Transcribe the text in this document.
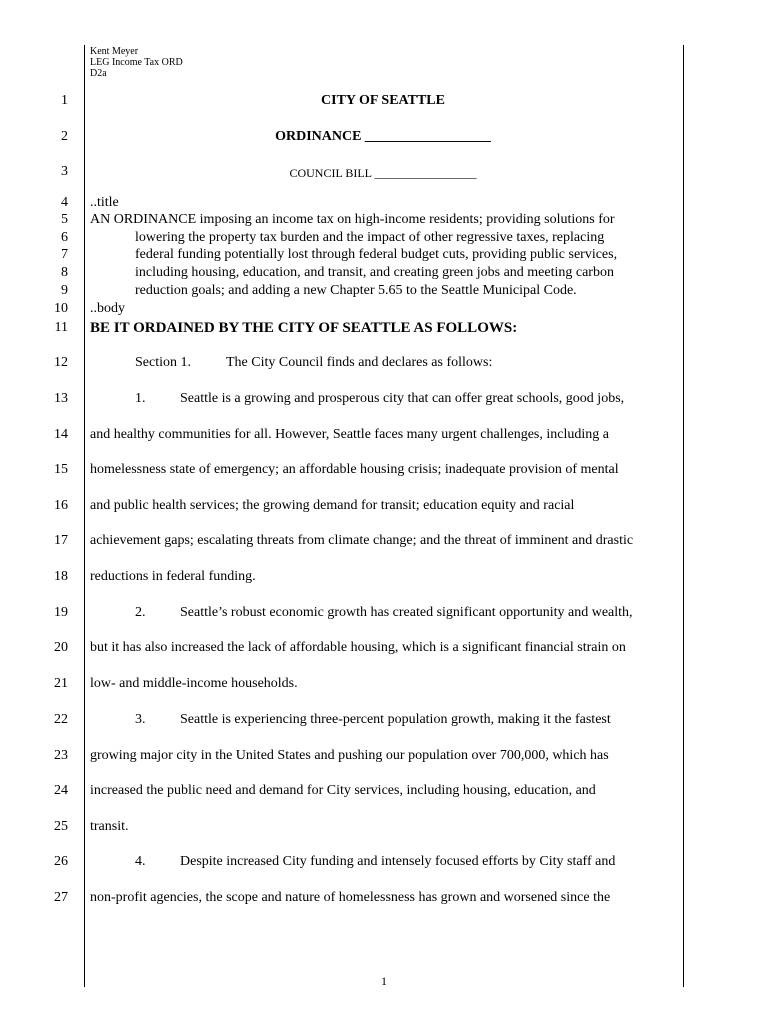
Kent Meyer
LEG Income Tax ORD
D2a
1
2
3
4
5
6
7
8
9
10
11
12
13
14
15
16
17
18
19
20
21
22
23
24
25
26
27
CITY OF SEATTLE
ORDINANCE __________________
COUNCIL BILL _________________
..title
AN ORDINANCE imposing an income tax on high-income residents; providing solutions for
lowering the property tax burden and the impact of other regressive taxes, replacing
federal funding potentially lost through federal budget cuts, providing public services,
including housing, education, and transit, and creating green jobs and meeting carbon
reduction goals; and adding a new Chapter 5.65 to the Seattle Municipal Code.
..body
BE IT ORDAINED BY THE CITY OF SEATTLE AS FOLLOWS:
Section 1.	The City Council finds and declares as follows:
1. Seattle is a growing and prosperous city that can offer great schools, good jobs,
and healthy communities for all. However, Seattle faces many urgent challenges, including a
homelessness state of emergency; an affordable housing crisis; inadequate provision of mental
and public health services; the growing demand for transit; education equity and racial
achievement gaps; escalating threats from climate change; and the threat of imminent and drastic
reductions in federal funding.
2. Seattle’s robust economic growth has created significant opportunity and wealth,
but it has also increased the lack of affordable housing, which is a significant financial strain on
low- and middle-income households.
3. Seattle is experiencing three-percent population growth, making it the fastest
growing major city in the United States and pushing our population over 700,000, which has
increased the public need and demand for City services, including housing, education, and
transit.
4. Despite increased City funding and intensely focused efforts by City staff and
non-profit agencies, the scope and nature of homelessness has grown and worsened since the
1
